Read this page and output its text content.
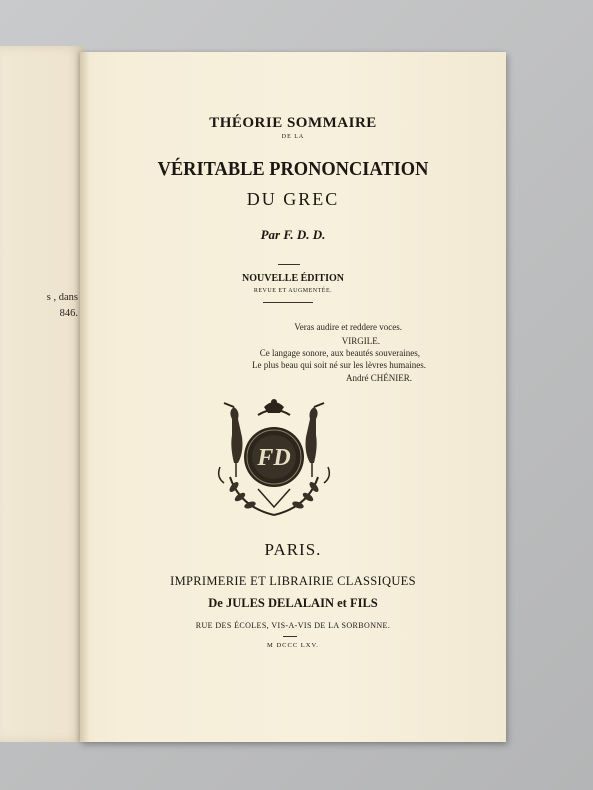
s , dans
846.
THÉORIE SOMMAIRE
DE LA
VÉRITABLE PRONONCIATION
DU GREC
Par F. D. D.
NOUVELLE ÉDITION
REVUE ET AUGMENTÉE.
Veras audire et reddere voces.
VIRGILE.
Ce langage sonore, aux beautés souveraines,
Le plus beau qui soit né sur les lèvres humaines.
André CHÉNIER.
FD
PARIS.
IMPRIMERIE ET LIBRAIRIE CLASSIQUES
De JULES DELALAIN et FILS
RUE DES ÉCOLES, VIS-A-VIS DE LA SORBONNE.
M DCCC LXV.
